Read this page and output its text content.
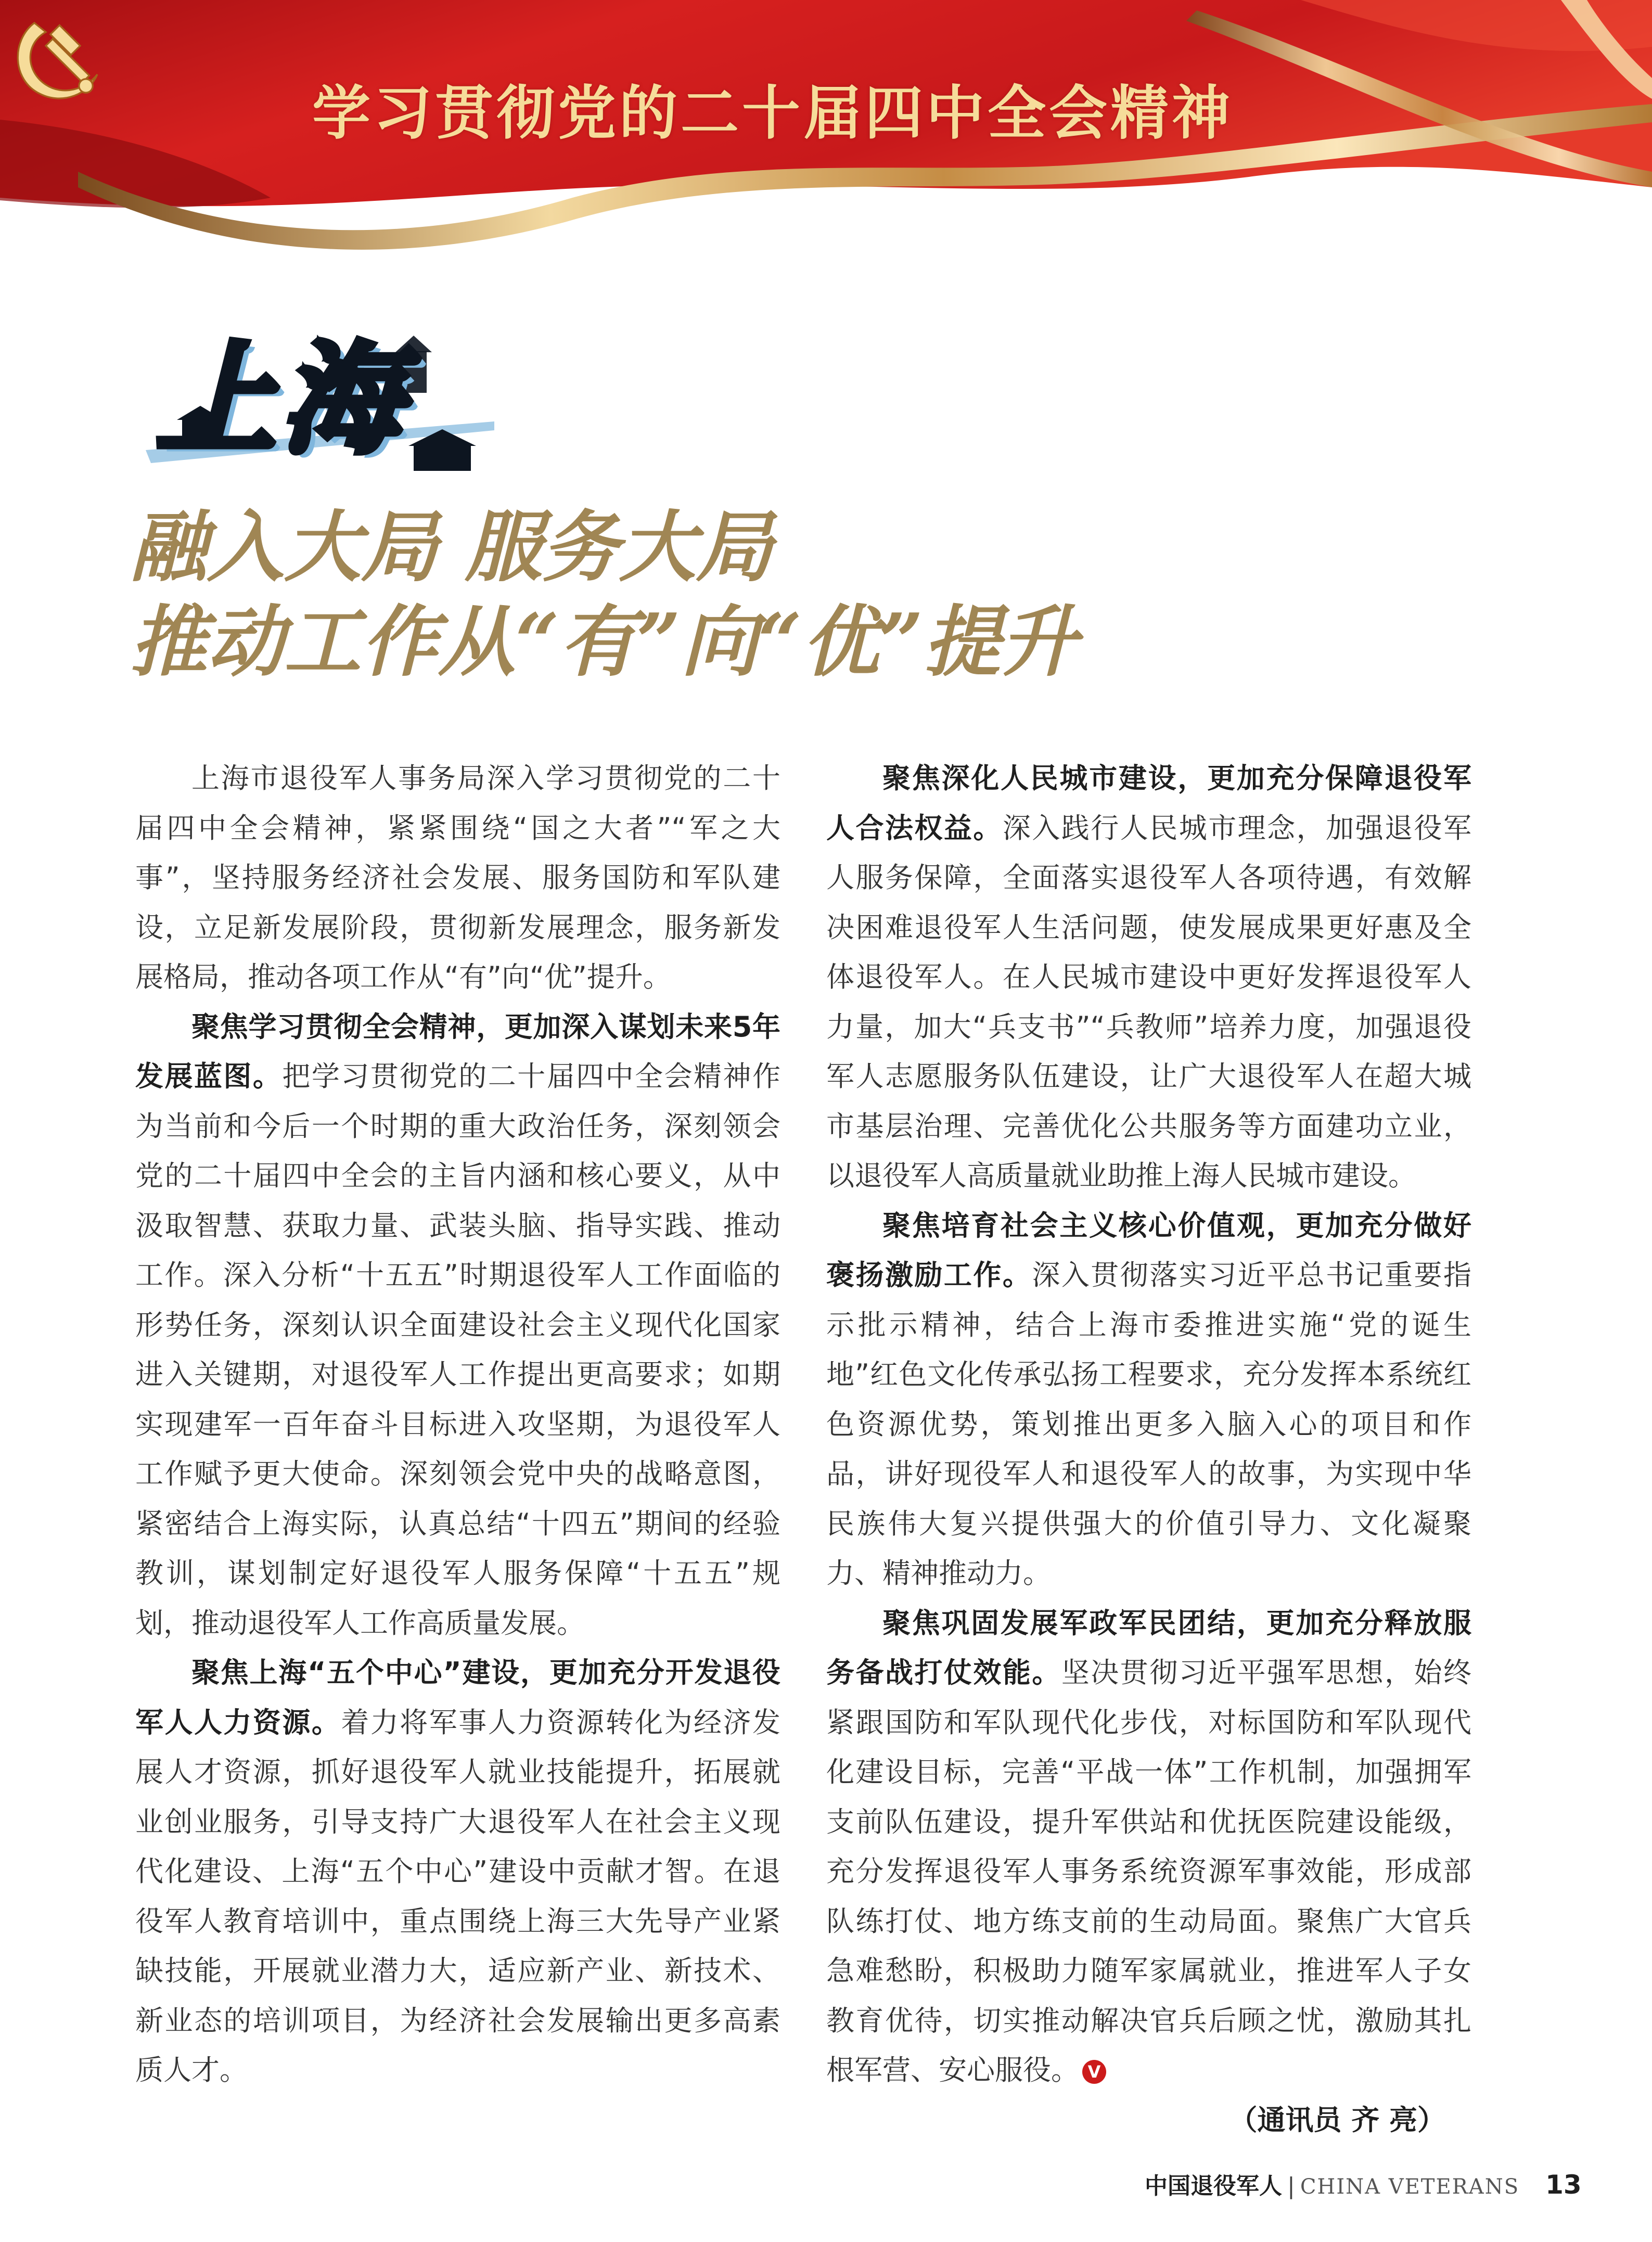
学习贯彻党的二十届四中全会精神
上海
融入大局 服务大局
推动工作从“有”向“优”提升

上海市退役军人事务局深入学习贯彻党的二十届四中全会精神，紧紧围绕“国之大者”“军之大事”，坚持服务经济社会发展、服务国防和军队建设，立足新发展阶段，贯彻新发展理念，服务新发展格局，推动各项工作从“有”向“优”提升。

聚焦学习贯彻全会精神，更加深入谋划未来5年发展蓝图。把学习贯彻党的二十届四中全会精神作为当前和今后一个时期的重大政治任务，深刻领会党的二十届四中全会的主旨内涵和核心要义，从中汲取智慧、获取力量、武装头脑、指导实践、推动工作。深入分析“十五五”时期退役军人工作面临的形势任务，深刻认识全面建设社会主义现代化国家进入关键期，对退役军人工作提出更高要求；如期实现建军一百年奋斗目标进入攻坚期，为退役军人工作赋予更大使命。深刻领会党中央的战略意图，紧密结合上海实际，认真总结“十四五”期间的经验教训，谋划制定好退役军人服务保障“十五五”规划，推动退役军人工作高质量发展。

聚焦上海“五个中心”建设，更加充分开发退役军人人力资源。着力将军事人力资源转化为经济发展人才资源，抓好退役军人就业技能提升，拓展就业创业服务，引导支持广大退役军人在社会主义现代化建设、上海“五个中心”建设中贡献才智。在退役军人教育培训中，重点围绕上海三大先导产业紧缺技能，开展就业潜力大，适应新产业、新技术、新业态的培训项目，为经济社会发展输出更多高素质人才。

聚焦深化人民城市建设，更加充分保障退役军人合法权益。深入践行人民城市理念，加强退役军人服务保障，全面落实退役军人各项待遇，有效解决困难退役军人生活问题，使发展成果更好惠及全体退役军人。在人民城市建设中更好发挥退役军人力量，加大“兵支书”“兵教师”培养力度，加强退役军人志愿服务队伍建设，让广大退役军人在超大城市基层治理、完善优化公共服务等方面建功立业，以退役军人高质量就业助推上海人民城市建设。

聚焦培育社会主义核心价值观，更加充分做好褒扬激励工作。深入贯彻落实习近平总书记重要指示批示精神，结合上海市委推进实施“党的诞生地”红色文化传承弘扬工程要求，充分发挥本系统红色资源优势，策划推出更多入脑入心的项目和作品，讲好现役军人和退役军人的故事，为实现中华民族伟大复兴提供强大的价值引导力、文化凝聚力、精神推动力。

聚焦巩固发展军政军民团结，更加充分释放服务备战打仗效能。坚决贯彻习近平强军思想，始终紧跟国防和军队现代化步伐，对标国防和军队现代化建设目标，完善“平战一体”工作机制，加强拥军支前队伍建设，提升军供站和优抚医院建设能级，充分发挥退役军人事务系统资源军事效能，形成部队练打仗、地方练支前的生动局面。聚焦广大官兵急难愁盼，积极助力随军家属就业，推进军人子女教育优待，切实推动解决官兵后顾之忧，激励其扎根军营、安心服役。 V

（通讯员 齐 亮）

中国退役军人 | CHINA VETERANS 13
